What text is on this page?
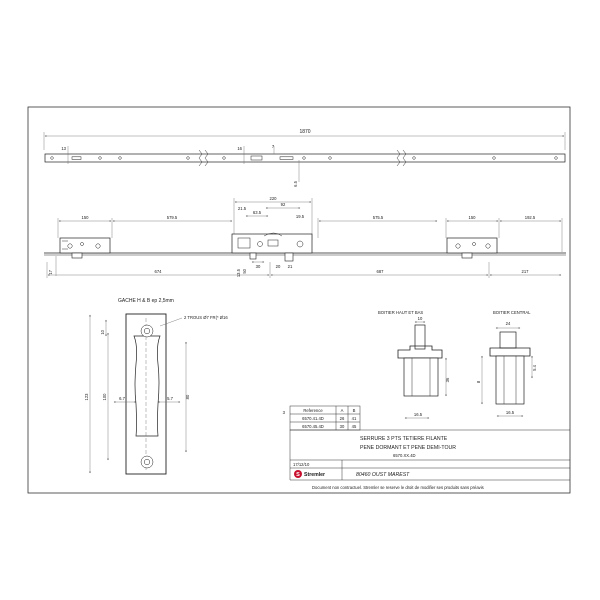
1870
13	16	7
6.5
150	579.5	575.5	150	192.5
220
92
63.5
21.5
19.5
17	674	687	217
13.5 50
30	20 21
GACHE H & B ep 2,5mm
2 TROUS Ø7 FR(* Ø16
10
123	100	80
6.7	5.7
BOITIER HAUT ET BAS
16.5
36
10
BOITIER CENTRAL
24
8
5.4
16.5
Reference	A B
6570.41.4D	26 41
6570.45.4D	30 45
SERRURE 3 PTS TETIERE FILANTE
PENE DORMANT ET PENE DEMI-TOUR
6570.XX.4D
17/12/10
3
S Stremler	80460 OUST MAREST
Document non contractuel. Stremler se reserve le droit de modifier ses produits sans préavis
